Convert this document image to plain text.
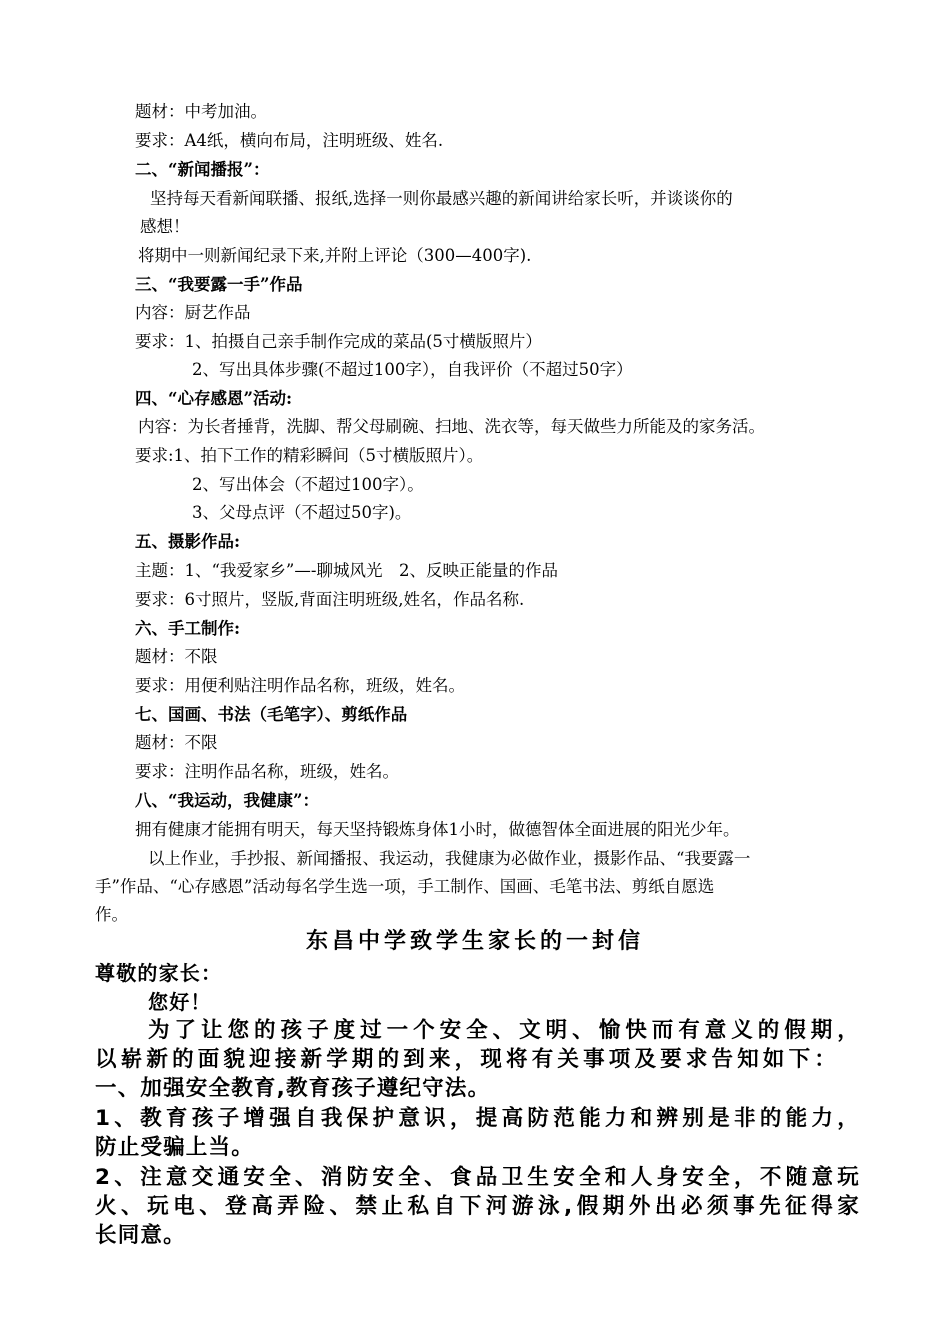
题材：中考加油。
要求：A4纸，横向布局，注明班级、姓名.
二、“新闻播报”：
坚持每天看新闻联播、报纸,选择一则你最感兴趣的新闻讲给家长听，并谈谈你的
感想！
将期中一则新闻纪录下来,并附上评论（300—400字).
三、“我要露一手”作品
内容：厨艺作品
要求：1、拍摄自己亲手制作完成的菜品(5寸横版照片）
2、写出具体步骤(不超过100字），自我评价（不超过50字）
四、“心存感恩”活动:
内容：为长者捶背，洗脚、帮父母刷碗、扫地、洗衣等，每天做些力所能及的家务活。
要求:1、拍下工作的精彩瞬间（5寸横版照片）。
2、写出体会（不超过100字）。
3、父母点评（不超过50字)。
五、摄影作品:
主题：1、“我爱家乡”—-聊城风光　2、反映正能量的作品
要求：6寸照片，竖版,背面注明班级,姓名，作品名称.
六、手工制作:
题材：不限
要求：用便利贴注明作品名称，班级，姓名。
七、国画、书法（毛笔字）、剪纸作品
题材：不限
要求：注明作品名称，班级，姓名。
八、“我运动，我健康”：
拥有健康才能拥有明天，每天坚持锻炼身体1小时，做德智体全面进展的阳光少年。
以上作业，手抄报、新闻播报、我运动，我健康为必做作业，摄影作品、“我要露一
手”作品、“心存感恩”活动每名学生选一项，手工制作、国画、毛笔书法、剪纸自愿选
作。
东昌中学致学生家长的一封信
尊敬的家长：
您好！
为了让您的孩子度过一个安全、文明、愉快而有意义的假期，
以崭新的面貌迎接新学期的到来，现将有关事项及要求告知如下：
一、加强安全教育,教育孩子遵纪守法。
1、教育孩子增强自我保护意识，提高防范能力和辨别是非的能力，
防止受骗上当。
2、注意交通安全、消防安全、食品卫生安全和人身安全，不随意玩
火、玩电、登高弄险、禁止私自下河游泳,假期外出必须事先征得家
长同意。
